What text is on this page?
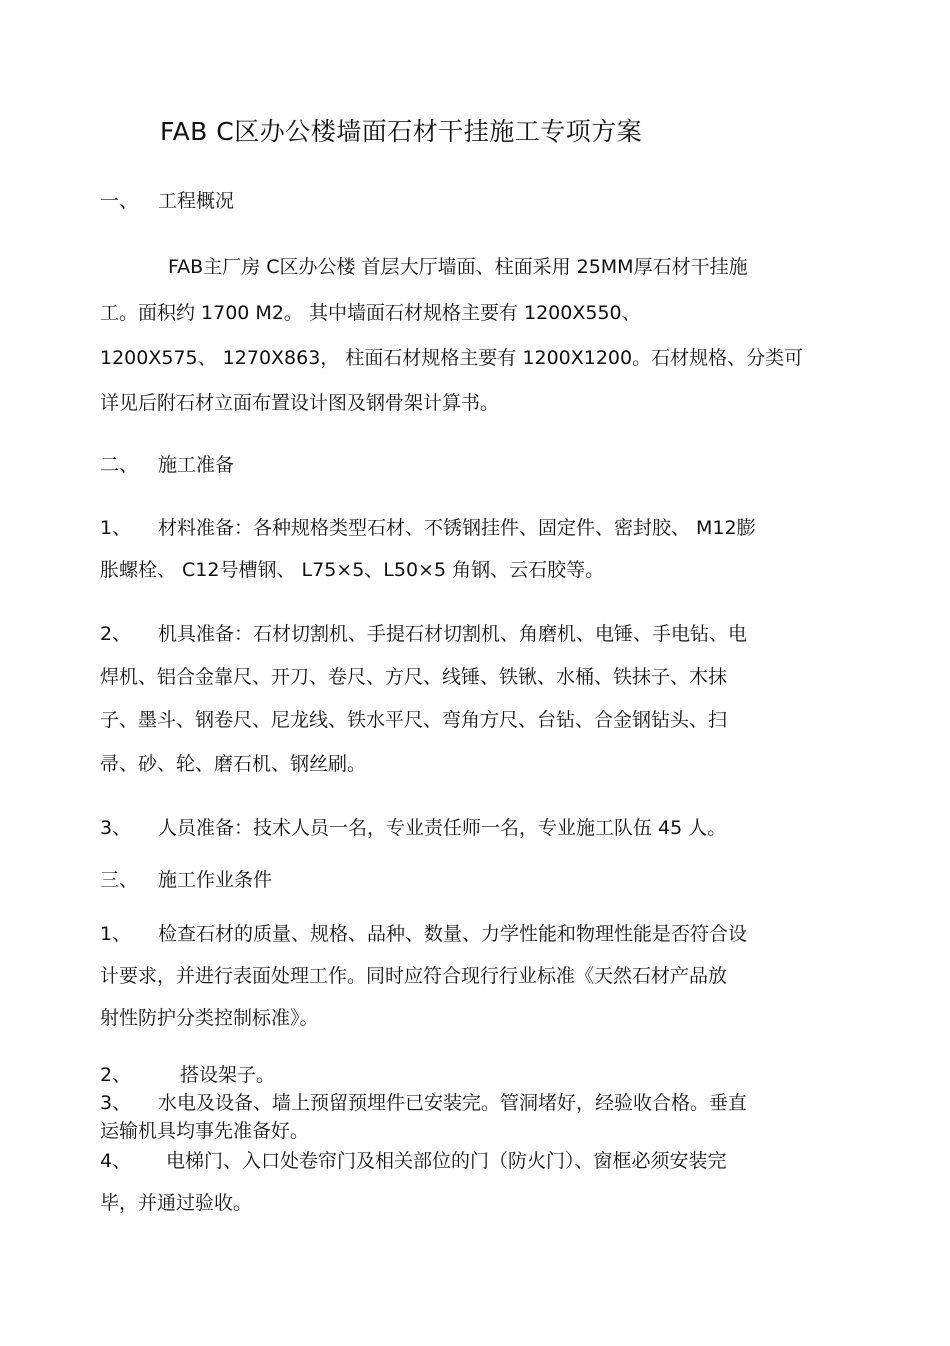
FAB C区办公楼墙面石材干挂施工专项方案
一、 工程概况
FAB主厂房 C区办公楼 首层大厅墙面、柱面采用 25MM厚石材干挂施
工。面积约 1700 M2。 其中墙面石材规格主要有 1200X550、
1200X575、 1270X863， 柱面石材规格主要有 1200X1200。石材规格、分类可
详见后附石材立面布置设计图及钢骨架计算书。
二、 施工准备
1、 材料准备：各种规格类型石材、不锈钢挂件、固定件、密封胶、 M12膨
胀螺栓、 C12号槽钢、 L75×5、L50×5 角钢、云石胶等。
2、 机具准备：石材切割机、手提石材切割机、角磨机、电锤、手电钻、电
焊机、铝合金靠尺、开刀、卷尺、方尺、线锤、铁锹、水桶、铁抹子、木抹
子、墨斗、钢卷尺、尼龙线、铁水平尺、弯角方尺、台钻、合金钢钻头、扫
帚、砂、轮、磨石机、钢丝刷。
3、 人员准备：技术人员一名，专业责任师一名，专业施工队伍 45 人。
三、 施工作业条件
1、 检查石材的质量、规格、品种、数量、力学性能和物理性能是否符合设
计要求，并进行表面处理工作。同时应符合现行行业标准《天然石材产品放
射性防护分类控制标准》。
2、	搭设架子。
3、 水电及设备、墙上预留预埋件已安装完。管洞堵好，经验收合格。垂直
运输机具均事先准备好。
4、 电梯门、入口处卷帘门及相关部位的门（防火门）、窗框必须安装完
毕，并通过验收。
